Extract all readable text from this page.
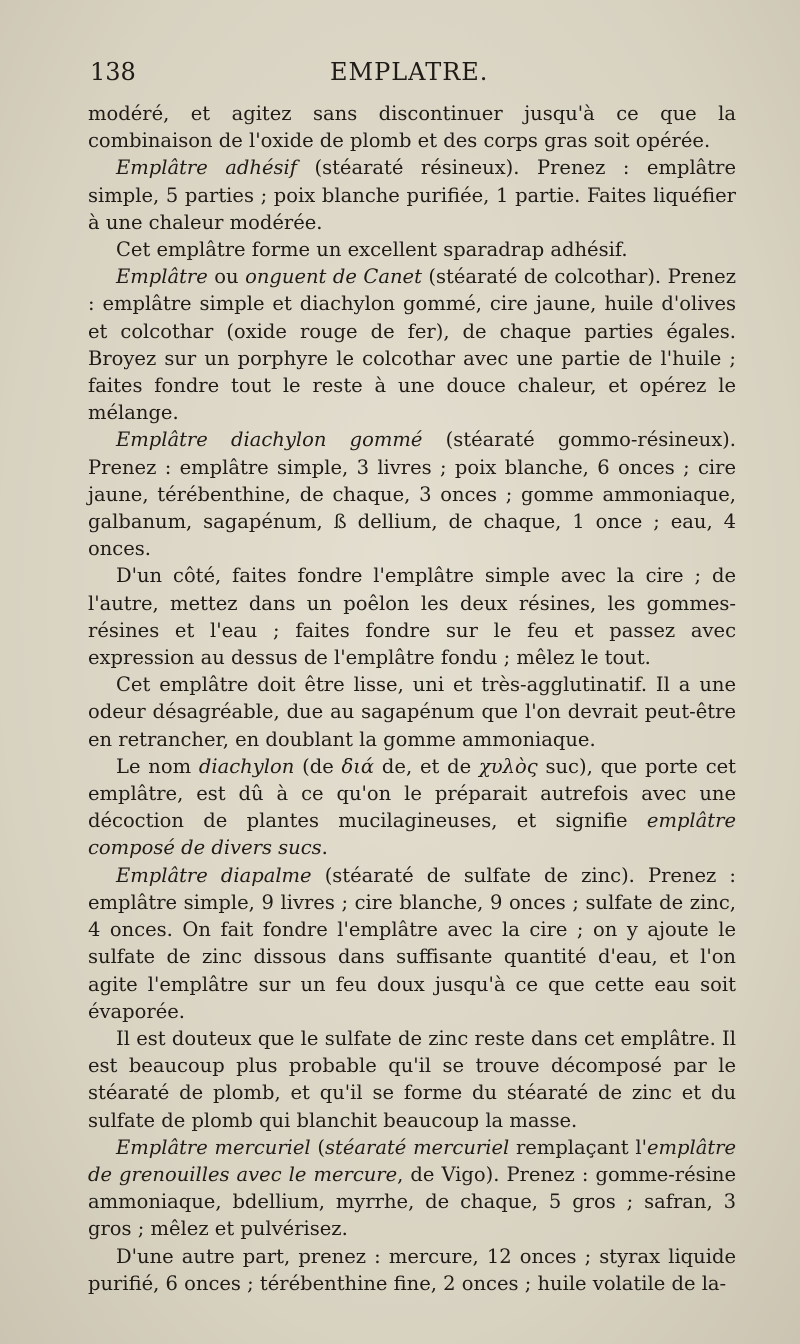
138	EMPLATRE.

modéré, et agitez sans discontinuer jusqu'à ce que la combinaison de l'oxide de plomb et des corps gras soit opérée.

Emplâtre adhésif (stéaraté résineux). Prenez : emplâtre simple, 5 parties ; poix blanche purifiée, 1 partie. Faites liquéfier à une chaleur modérée.

Cet emplâtre forme un excellent sparadrap adhésif.

Emplâtre ou onguent de Canet (stéaraté de colcothar). Prenez : emplâtre simple et diachylon gommé, cire jaune, huile d'olives et colcothar (oxide rouge de fer), de chaque parties égales. Broyez sur un porphyre le colcothar avec une partie de l'huile ; faites fondre tout le reste à une douce chaleur, et opérez le mélange.

Emplâtre diachylon gommé (stéaraté gommo-résineux). Prenez : emplâtre simple, 3 livres ; poix blanche, 6 onces ; cire jaune, térébenthine, de chaque, 3 onces ; gomme ammoniaque, galbanum, sagapénum, ß dellium, de chaque, 1 once ; eau, 4 onces.

D'un côté, faites fondre l'emplâtre simple avec la cire ; de l'autre, mettez dans un poêlon les deux résines, les gommes-résines et l'eau ; faites fondre sur le feu et passez avec expression au dessus de l'emplâtre fondu ; mêlez le tout.

Cet emplâtre doit être lisse, uni et très-agglutinatif. Il a une odeur désagréable, due au sagapénum que l'on devrait peut-être en retrancher, en doublant la gomme ammoniaque.

Le nom diachylon (de διά de, et de χυλὸς suc), que porte cet emplâtre, est dû à ce qu'on le préparait autrefois avec une décoction de plantes mucilagineuses, et signifie emplâtre composé de divers sucs.

Emplâtre diapalme (stéaraté de sulfate de zinc). Prenez : emplâtre simple, 9 livres ; cire blanche, 9 onces ; sulfate de zinc, 4 onces. On fait fondre l'emplâtre avec la cire ; on y ajoute le sulfate de zinc dissous dans suffisante quantité d'eau, et l'on agite l'emplâtre sur un feu doux jusqu'à ce que cette eau soit évaporée.

Il est douteux que le sulfate de zinc reste dans cet emplâtre. Il est beaucoup plus probable qu'il se trouve décomposé par le stéaraté de plomb, et qu'il se forme du stéaraté de zinc et du sulfate de plomb qui blanchit beaucoup la masse.

Emplâtre mercuriel (stéaraté mercuriel remplaçant l'emplâtre de grenouilles avec le mercure, de Vigo). Prenez : gomme-résine ammoniaque, bdellium, myrrhe, de chaque, 5 gros ; safran, 3 gros ; mêlez et pulvérisez.

D'une autre part, prenez : mercure, 12 onces ; styrax liquide purifié, 6 onces ; térébenthine fine, 2 onces ; huile volatile de la-
